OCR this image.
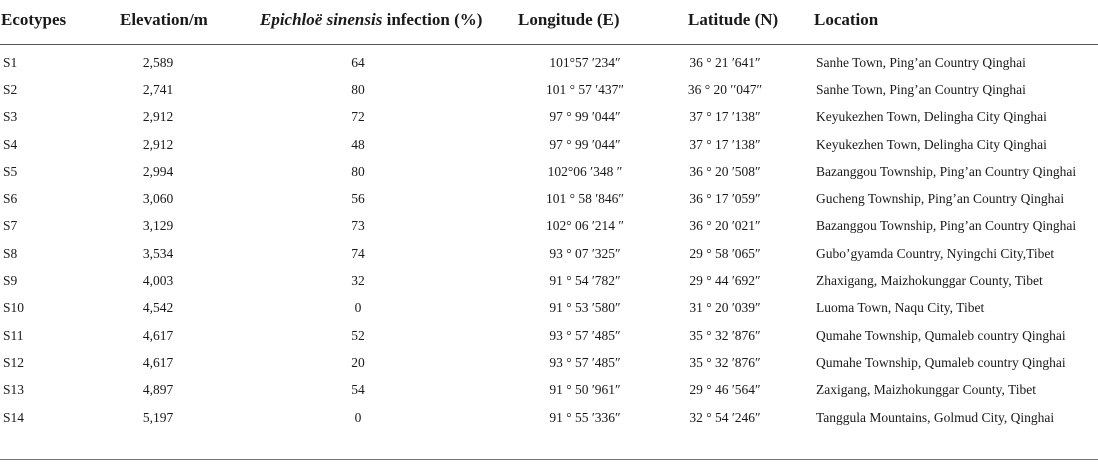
Ecotypes	Elevation/m	Epichloë sinensis infection (%)	Longitude (E)	Latitude (N)	Location
S1	2,589	64	101°57 ′234″	36 ° 21 ′641″	Sanhe Town, Ping’an Country Qinghai
S2	2,741	80	101 ° 57 ′437″	36 ° 20 ′′047″	Sanhe Town, Ping’an Country Qinghai
S3	2,912	72	97 ° 99 ′044″	37 ° 17 ′138″	Keyukezhen Town, Delingha City Qinghai
S4	2,912	48	97 ° 99 ′044″	37 ° 17 ′138″	Keyukezhen Town, Delingha City Qinghai
S5	2,994	80	102°06 ′348 ″	36 ° 20 ′508″	Bazanggou Township, Ping’an Country Qinghai
S6	3,060	56	101 ° 58 ′846″	36 ° 17 ′059″	Gucheng Township, Ping’an Country Qinghai
S7	3,129	73	102° 06 ′214 ″	36 ° 20 ′021″	Bazanggou Township, Ping’an Country Qinghai
S8	3,534	74	93 ° 07 ′325″	29 ° 58 ′065″	Gubo’gyamda Country, Nyingchi City,Tibet
S9	4,003	32	91 ° 54 ′782″	29 ° 44 ′692″	Zhaxigang, Maizhokunggar County, Tibet
S10	4,542	0	91 ° 53 ′580″	31 ° 20 ′039″	Luoma Town, Naqu City, Tibet
S11	4,617	52	93 ° 57 ′485″	35 ° 32 ′876″	Qumahe Township, Qumaleb country Qinghai
S12	4,617	20	93 ° 57 ′485″	35 ° 32 ′876″	Qumahe Township, Qumaleb country Qinghai
S13	4,897	54	91 ° 50 ′961″	29 ° 46 ′564″	Zaxigang, Maizhokunggar County, Tibet
S14	5,197	0	91 ° 55 ′336″	32 ° 54 ′246″	Tanggula Mountains, Golmud City, Qinghai
